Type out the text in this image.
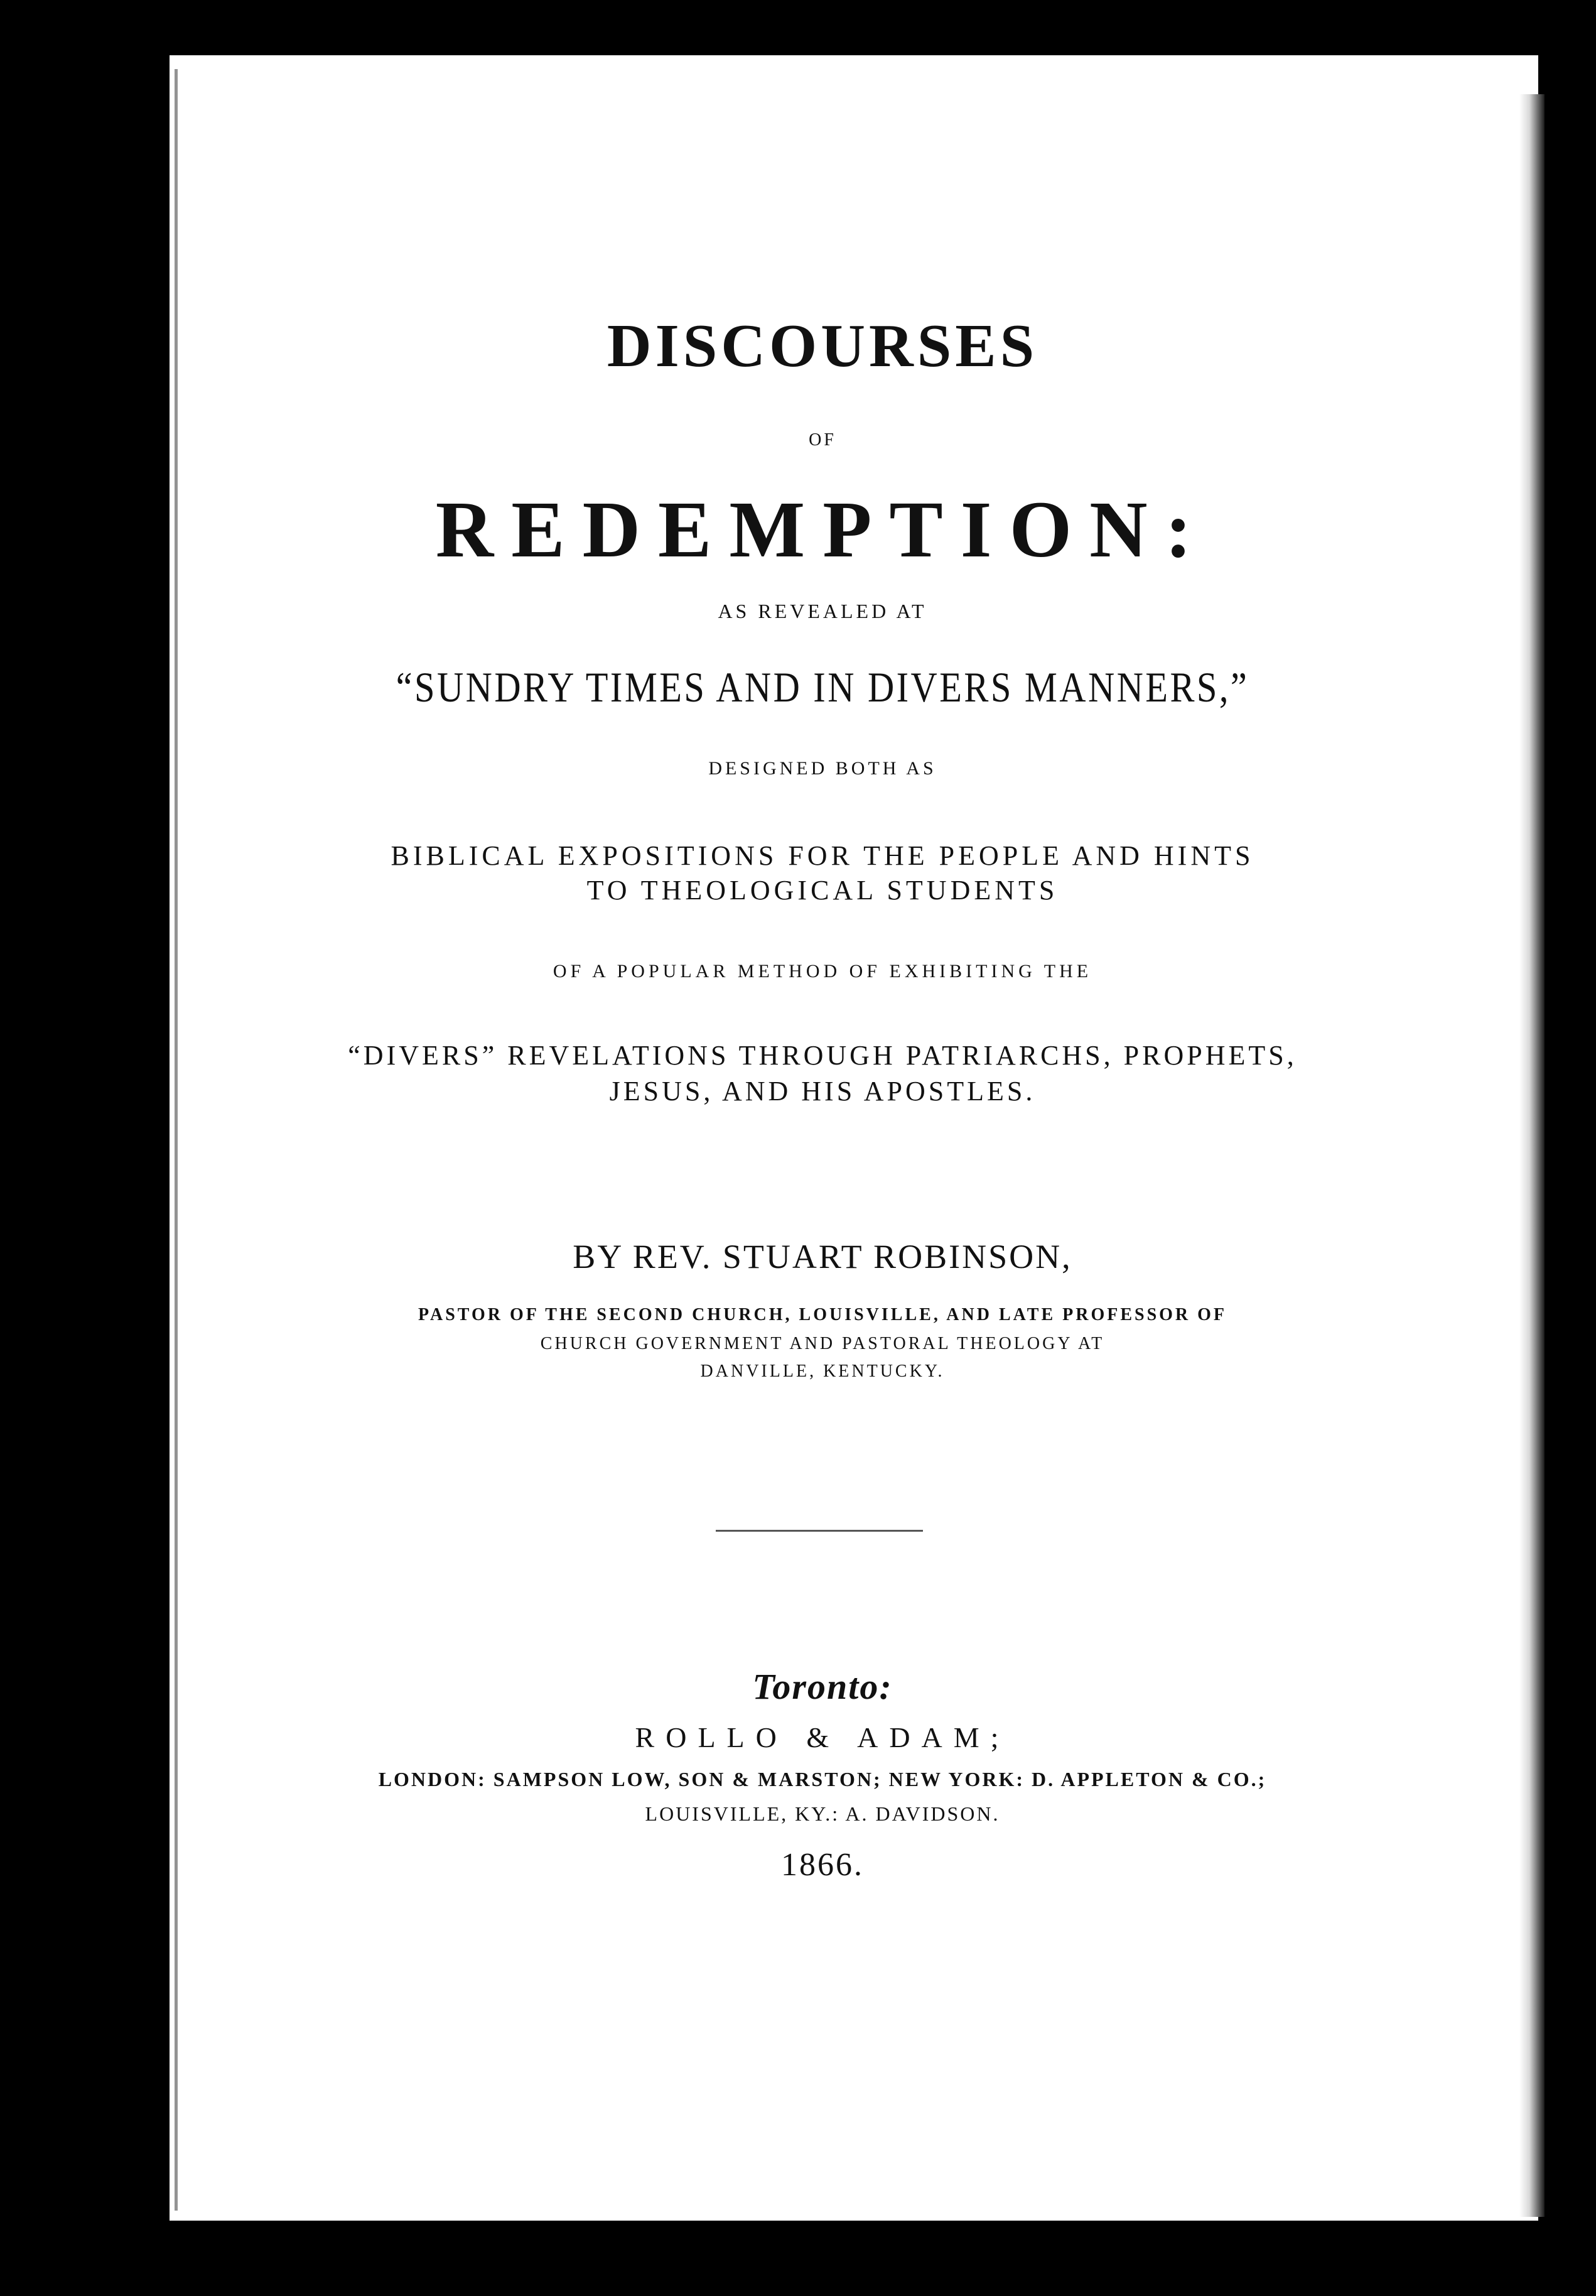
DISCOURSES
OF
REDEMPTION:
AS REVEALED AT
“SUNDRY TIMES AND IN DIVERS MANNERS,”
DESIGNED BOTH AS
BIBLICAL EXPOSITIONS FOR THE PEOPLE AND HINTS
TO THEOLOGICAL STUDENTS
OF A POPULAR METHOD OF EXHIBITING THE
“DIVERS” REVELATIONS THROUGH PATRIARCHS, PROPHETS,
JESUS, AND HIS APOSTLES.
BY REV. STUART ROBINSON,
PASTOR OF THE SECOND CHURCH, LOUISVILLE, AND LATE PROFESSOR OF
CHURCH GOVERNMENT AND PASTORAL THEOLOGY AT
DANVILLE, KENTUCKY.
Toronto:
ROLLO & ADAM;
LONDON: SAMPSON LOW, SON & MARSTON; NEW YORK: D. APPLETON & CO.;
LOUISVILLE, KY.: A. DAVIDSON.
1866.
